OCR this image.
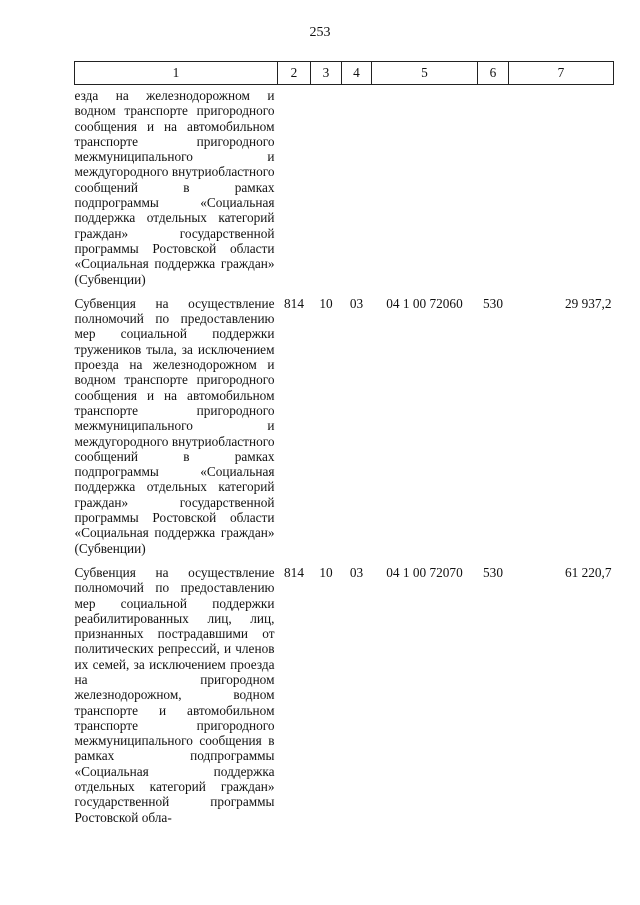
253
1	2	3	4	5	6	7
езда на железнодорожном и водном транспорте пригородного сообщения и на автомобильном транспорте пригородного межмуниципального и междугородного внутриобластного сообщений в рамках подпрограммы «Социальная поддержка отдельных категорий граждан» государственной программы Ростовской области «Социальная поддержка граждан» (Субвенции)						

Субвенция на осуществление полномочий по предоставлению мер социальной поддержки тружеников тыла, за исключением проезда на железнодорожном и водном транспорте пригородного сообщения и на автомобильном транспорте пригородного межмуниципального и междугородного внутриобластного сообщений в рамках подпрограммы «Социальная поддержка отдельных категорий граждан» государственной программы Ростовской области «Социальная поддержка граждан» (Субвенции)	814	10	03	04 1 00 72060	530	29 937,2

Субвенция на осуществление полномочий по предоставлению мер социальной поддержки реабилитированных лиц, лиц, признанных пострадавшими от политических репрессий, и членов их семей, за исключением проезда на пригородном железнодорожном, водном транспорте и автомобильном транспорте пригородного межмуниципального сообщения в рамках подпрограммы «Социальная поддержка отдельных категорий граждан» государственной программы Ростовской обла-	814	10	03	04 1 00 72070	530	61 220,7
